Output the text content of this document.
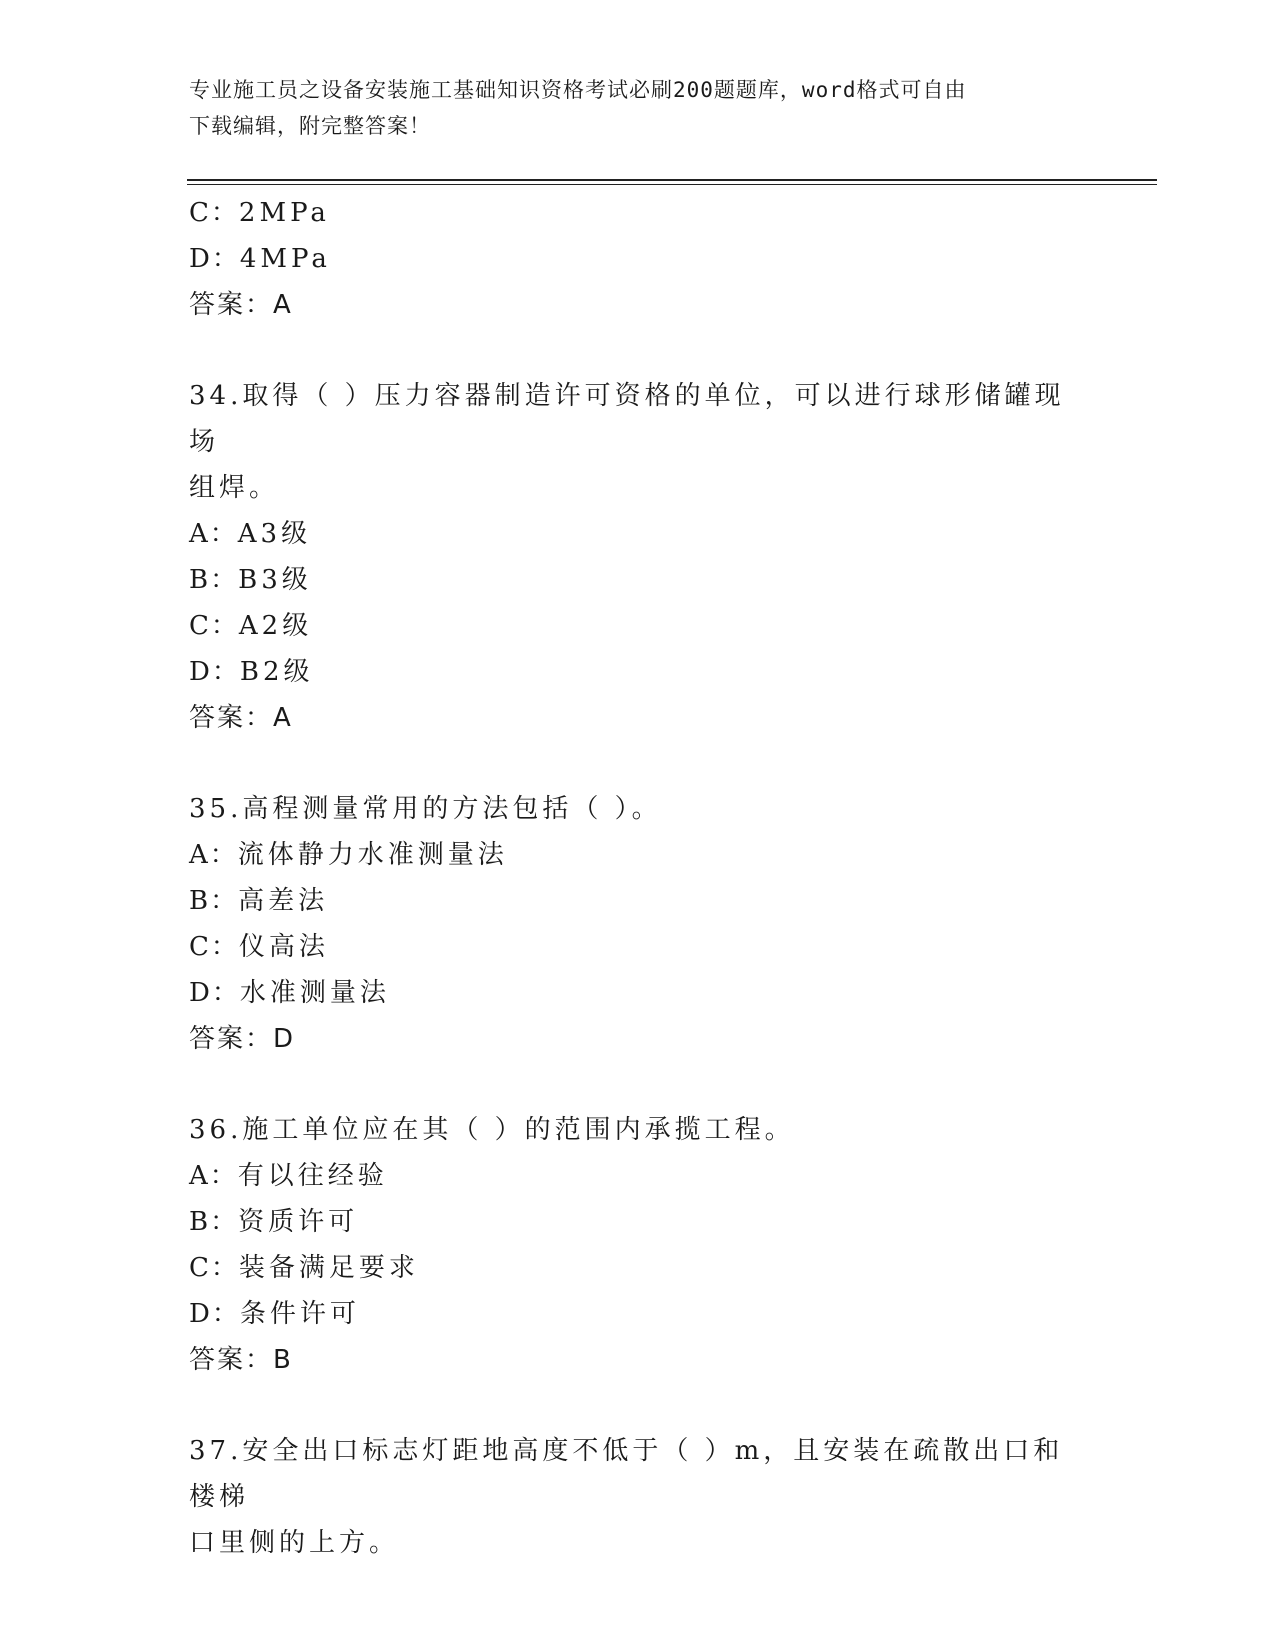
专业施工员之设备安装施工基础知识资格考试必刷200题题库，word格式可自由
下载编辑，附完整答案！
C：2MPa
D：4MPa
答案：A
34.取得（ ）压力容器制造许可资格的单位，可以进行球形储罐现场
组焊。
A：A3级
B：B3级
C：A2级
D：B2级
答案：A
35.高程测量常用的方法包括（ ）。
A：流体静力水准测量法
B：高差法
C：仪高法
D：水准测量法
答案：D
36.施工单位应在其（ ）的范围内承揽工程。
A：有以往经验
B：资质许可
C：装备满足要求
D：条件许可
答案：B
37.安全出口标志灯距地高度不低于（ ）m，且安装在疏散出口和楼梯
口里侧的上方。
